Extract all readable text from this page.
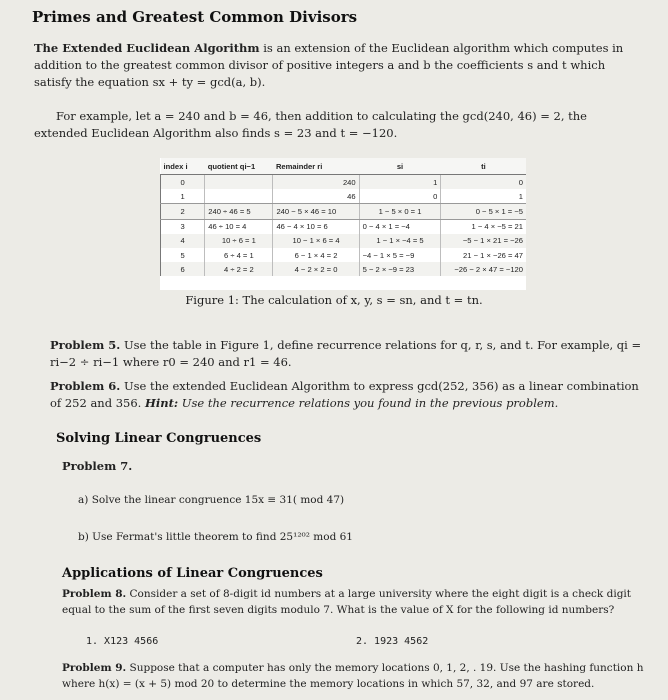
Primes and Greatest Common Divisors
The Extended Euclidean Algorithm is an extension of the Euclidean algorithm which computes in addition to the greatest common divisor of positive integers a and b the coefficients s and t which satisfy the equation sx + ty = gcd(a, b).
For example, let a = 240 and b = 46, then addition to calculating the gcd(240, 46) = 2, the extended Euclidean Algorithm also finds s = 23 and t = −120.
index i	quotient qi−1	Remainder ri	si	ti
0		240	1	0
1		46	0	1
2	240 ÷ 46 = 5	240 − 5 × 46 = 10	1 − 5 × 0 = 1	0 − 5 × 1 = −5
3	46 ÷ 10 = 4	46 − 4 × 10 = 6	0 − 4 × 1 = −4	1 − 4 × −5 = 21
4	10 ÷ 6 = 1	10 − 1 × 6 = 4	1 − 1 × −4 = 5	−5 − 1 × 21 = −26
5	6 ÷ 4 = 1	6 − 1 × 4 = 2	−4 − 1 × 5 = −9	21 − 1 × −26 = 47
6	4 ÷ 2 = 2	4 − 2 × 2 = 0	5 − 2 × −9 = 23	−26 − 2 × 47 = −120
Figure 1: The calculation of x, y, s = sn, and t = tn.
Problem 5. Use the table in Figure 1, define recurrence relations for q, r, s, and t. For example, qi = ri−2 ÷ ri−1 where r0 = 240 and r1 = 46.
Problem 6. Use the extended Euclidean Algorithm to express gcd(252, 356) as a linear combination of 252 and 356. Hint: Use the recurrence relations you found in the previous problem.
Solving Linear Congruences
Problem 7.
a) Solve the linear congruence 15x ≡ 31( mod 47)
b) Use Fermat's little theorem to find 25¹²⁰² mod 61
Applications of Linear Congruences
Problem 8. Consider a set of 8-digit id numbers at a large university where the eight digit is a check digit equal to the sum of the first seven digits modulo 7. What is the value of X for the following id numbers?
1. X123 4566	2. 1923 4562
Problem 9. Suppose that a computer has only the memory locations 0, 1, 2, . 19. Use the hashing function h where h(x) = (x + 5) mod 20 to determine the memory locations in which 57, 32, and 97 are stored.
